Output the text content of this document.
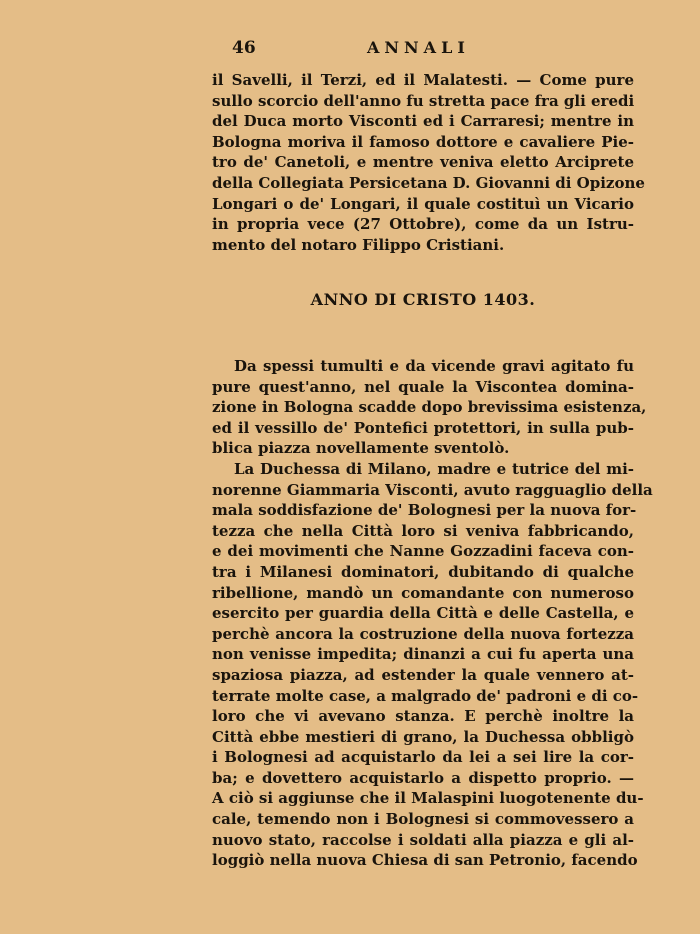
46	ANNALI
il Savelli, il Terzi, ed il Malatesti. — Come pure
sullo scorcio dell'anno fu stretta pace fra gli eredi
del Duca morto Visconti ed i Carraresi; mentre in
Bologna moriva il famoso dottore e cavaliere Pie-
tro de' Canetoli, e mentre veniva eletto Arciprete
della Collegiata Persicetana D. Giovanni di Opizone
Longari o de' Longari, il quale costituì un Vicario
in propria vece (27 Ottobre), come da un Istru-
mento del notaro Filippo Cristiani.
ANNO DI CRISTO 1403.
Da spessi tumulti e da vicende gravi agitato fu
pure quest'anno, nel quale la Viscontea domina-
zione in Bologna scadde dopo brevissima esistenza,
ed il vessillo de' Pontefici protettori, in sulla pub-
blica piazza novellamente sventolò.
La Duchessa di Milano, madre e tutrice del mi-
norenne Giammaria Visconti, avuto ragguaglio della
mala soddisfazione de' Bolognesi per la nuova for-
tezza che nella Città loro si veniva fabbricando,
e dei movimenti che Nanne Gozzadini faceva con-
tra i Milanesi dominatori, dubitando di qualche
ribellione, mandò un comandante con numeroso
esercito per guardia della Città e delle Castella, e
perchè ancora la costruzione della nuova fortezza
non venisse impedita; dinanzi a cui fu aperta una
spaziosa piazza, ad estender la quale vennero at-
terrate molte case, a malgrado de' padroni e di co-
loro che vi avevano stanza. E perchè inoltre la
Città ebbe mestieri di grano, la Duchessa obbligò
i Bolognesi ad acquistarlo da lei a sei lire la cor-
ba; e dovettero acquistarlo a dispetto proprio. —
A ciò si aggiunse che il Malaspini luogotenente du-
cale, temendo non i Bolognesi si commovessero a
nuovo stato, raccolse i soldati alla piazza e gli al-
loggiò nella nuova Chiesa di san Petronio, facendo
